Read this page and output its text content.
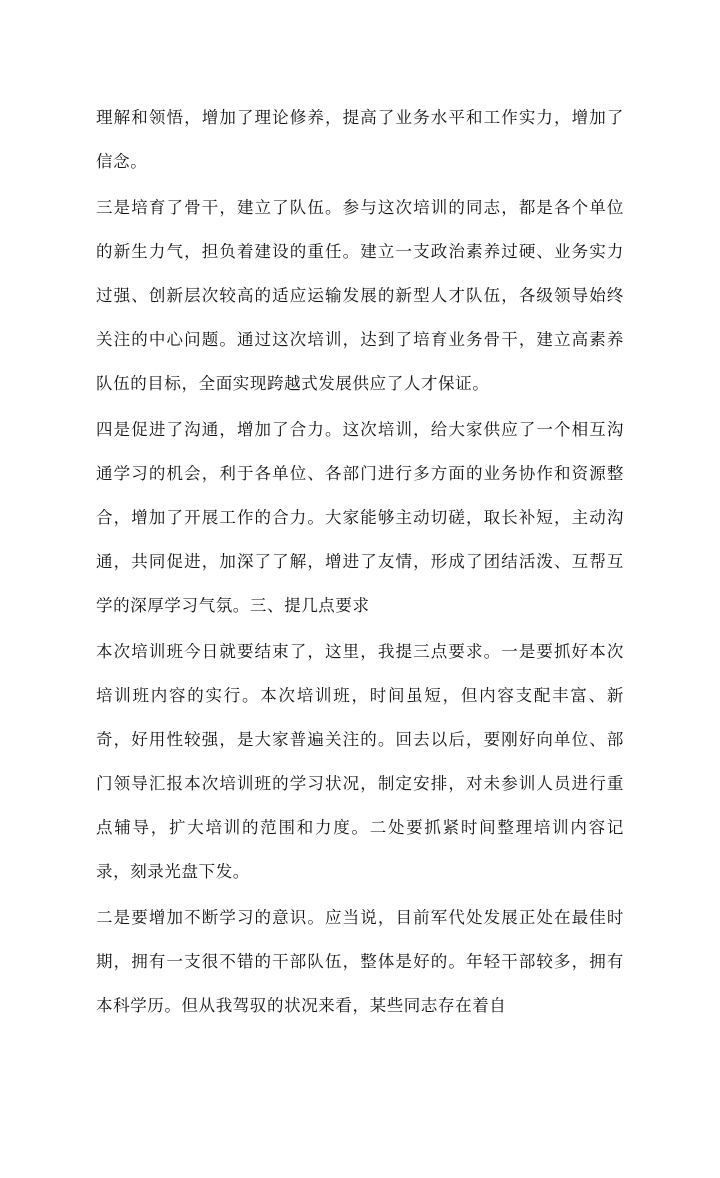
理解和领悟，增加了理论修养，提高了业务水平和工作实力，增加了信念。

三是培育了骨干，建立了队伍。参与这次培训的同志，都是各个单位的新生力气，担负着建设的重任。建立一支政治素养过硬、业务实力过强、创新层次较高的适应运输发展的新型人才队伍，各级领导始终关注的中心问题。通过这次培训，达到了培育业务骨干，建立高素养队伍的目标，全面实现跨越式发展供应了人才保证。

四是促进了沟通，增加了合力。这次培训，给大家供应了一个相互沟通学习的机会，利于各单位、各部门进行多方面的业务协作和资源整合，增加了开展工作的合力。大家能够主动切磋，取长补短，主动沟通，共同促进，加深了了解，增进了友情，形成了团结活泼、互帮互学的深厚学习气氛。三、提几点要求

本次培训班今日就要结束了，这里，我提三点要求。一是要抓好本次培训班内容的实行。本次培训班，时间虽短，但内容支配丰富、新奇，好用性较强，是大家普遍关注的。回去以后，要刚好向单位、部门领导汇报本次培训班的学习状况，制定安排，对未参训人员进行重点辅导，扩大培训的范围和力度。二处要抓紧时间整理培训内容记录，刻录光盘下发。

二是要增加不断学习的意识。应当说，目前军代处发展正处在最佳时期，拥有一支很不错的干部队伍，整体是好的。年轻干部较多，拥有本科学历。但从我驾驭的状况来看，某些同志存在着自
